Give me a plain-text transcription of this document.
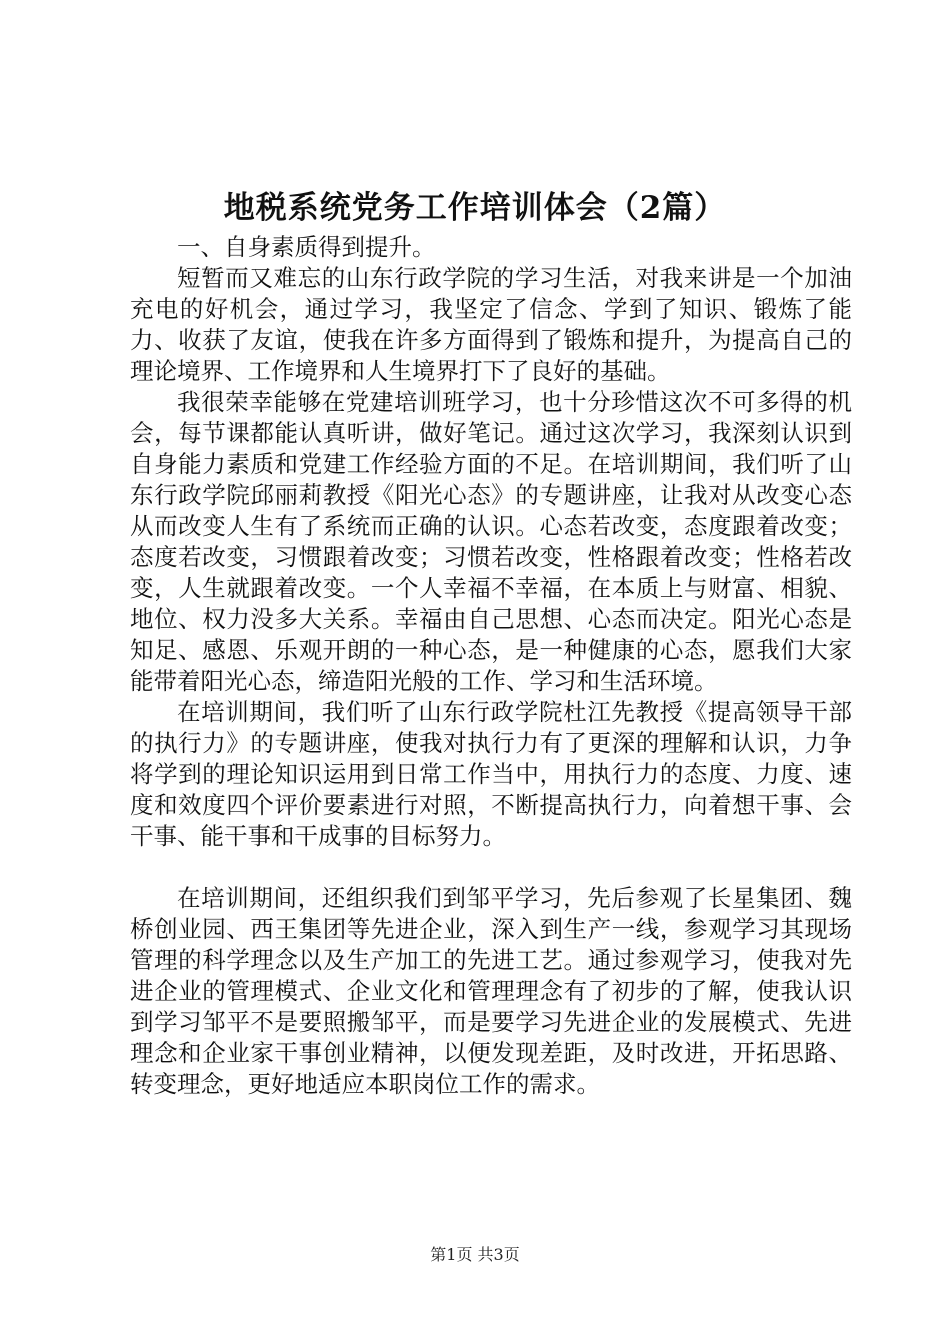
地税系统党务工作培训体会（2篇）

一、自身素质得到提升。

短暂而又难忘的山东行政学院的学习生活，对我来讲是一个加油充电的好机会，通过学习，我坚定了信念、学到了知识、锻炼了能力、收获了友谊，使我在许多方面得到了锻炼和提升，为提高自己的理论境界、工作境界和人生境界打下了良好的基础。

我很荣幸能够在党建培训班学习，也十分珍惜这次不可多得的机会，每节课都能认真听讲，做好笔记。通过这次学习，我深刻认识到自身能力素质和党建工作经验方面的不足。在培训期间，我们听了山东行政学院邱丽莉教授《阳光心态》的专题讲座，让我对从改变心态从而改变人生有了系统而正确的认识。心态若改变，态度跟着改变；态度若改变，习惯跟着改变；习惯若改变，性格跟着改变；性格若改变，人生就跟着改变。一个人幸福不幸福，在本质上与财富、相貌、地位、权力没多大关系。幸福由自己思想、心态而决定。阳光心态是知足、感恩、乐观开朗的一种心态，是一种健康的心态，愿我们大家能带着阳光心态，缔造阳光般的工作、学习和生活环境。

在培训期间，我们听了山东行政学院杜江先教授《提高领导干部的执行力》的专题讲座，使我对执行力有了更深的理解和认识，力争将学到的理论知识运用到日常工作当中，用执行力的态度、力度、速度和效度四个评价要素进行对照，不断提高执行力，向着想干事、会干事、能干事和干成事的目标努力。

在培训期间，还组织我们到邹平学习，先后参观了长星集团、魏桥创业园、西王集团等先进企业，深入到生产一线，参观学习其现场管理的科学理念以及生产加工的先进工艺。通过参观学习，使我对先进企业的管理模式、企业文化和管理理念有了初步的了解，使我认识到学习邹平不是要照搬邹平，而是要学习先进企业的发展模式、先进理念和企业家干事创业精神，以便发现差距，及时改进，开拓思路、转变理念，更好地适应本职岗位工作的需求。

第1页 共3页
